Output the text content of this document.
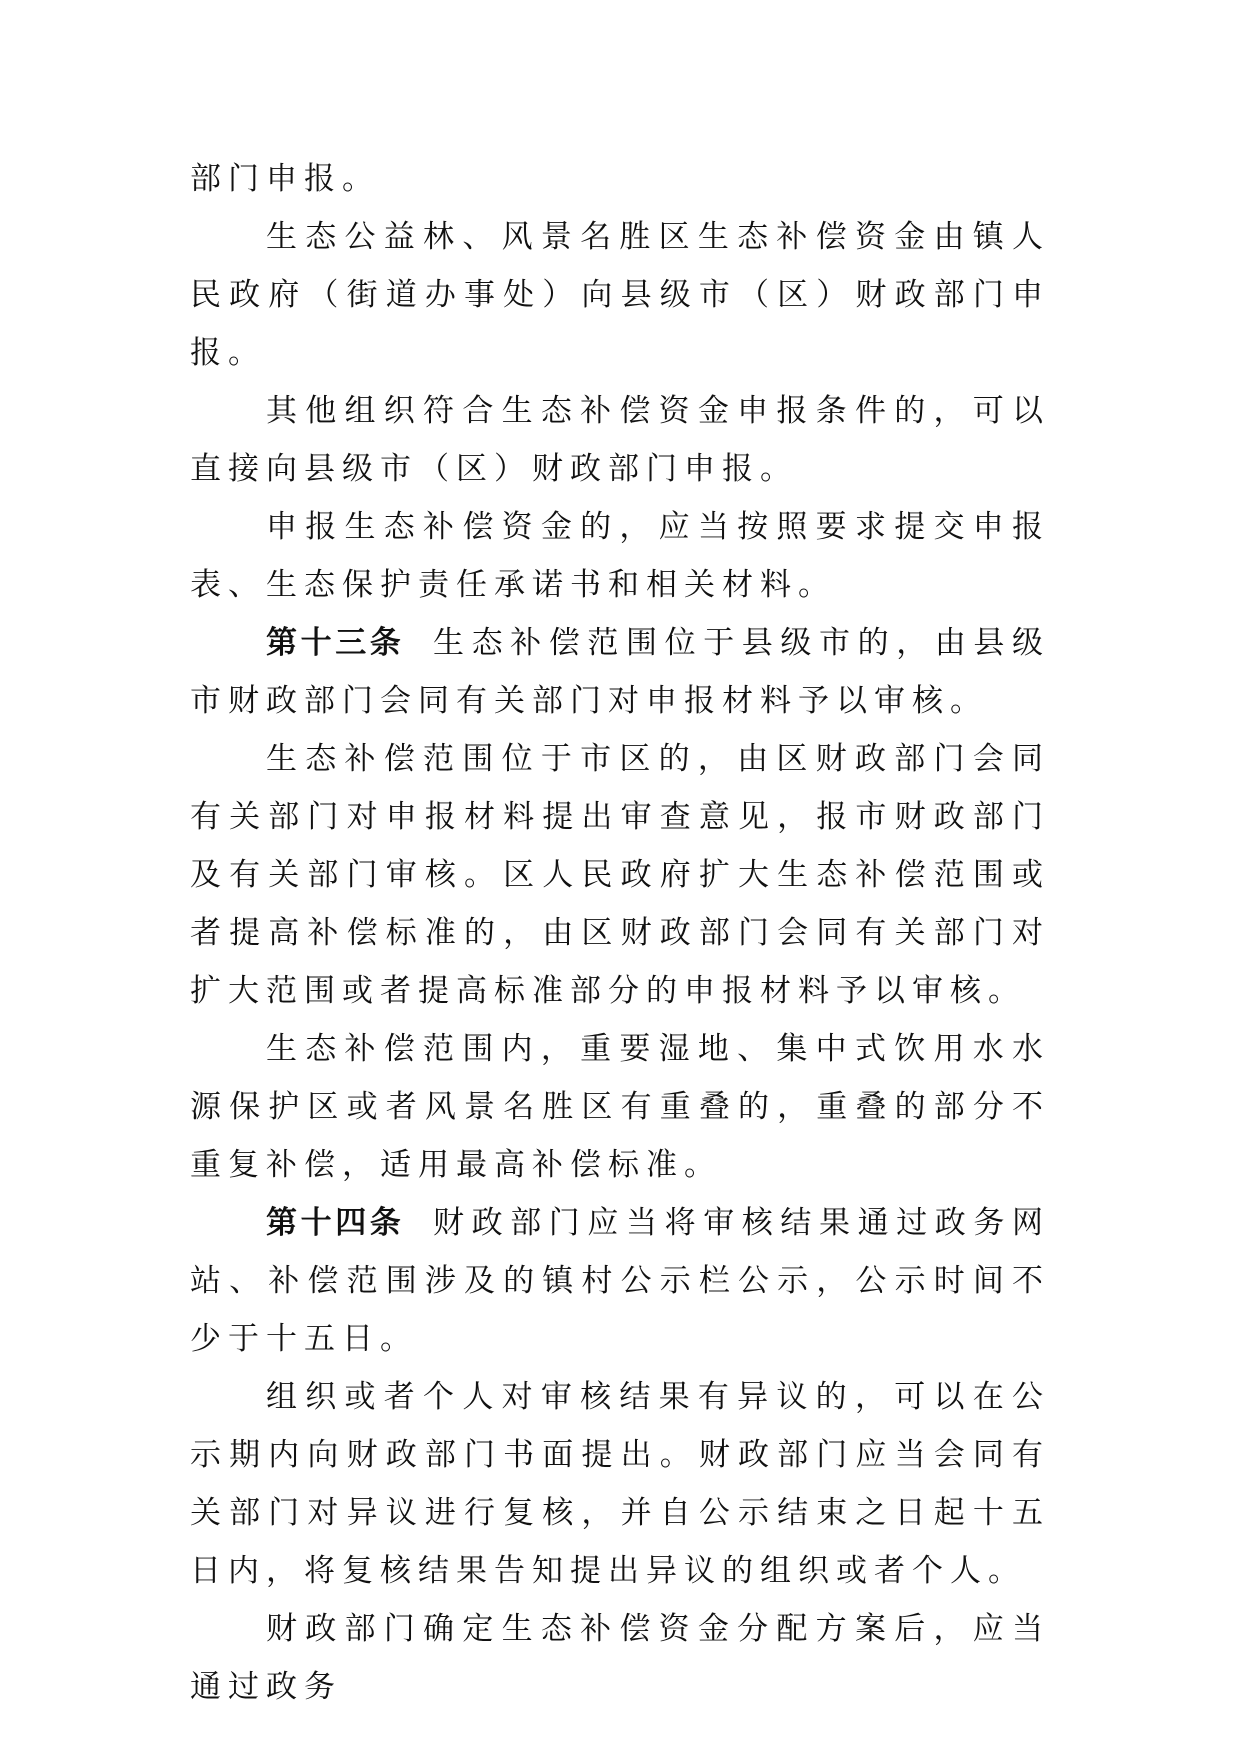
部门申报。

生态公益林、风景名胜区生态补偿资金由镇人民政府（街道办事处）向县级市（区）财政部门申报。

其他组织符合生态补偿资金申报条件的，可以直接向县级市（区）财政部门申报。

申报生态补偿资金的，应当按照要求提交申报表、生态保护责任承诺书和相关材料。

第十三条 生态补偿范围位于县级市的，由县级市财政部门会同有关部门对申报材料予以审核。

生态补偿范围位于市区的，由区财政部门会同有关部门对申报材料提出审查意见，报市财政部门及有关部门审核。区人民政府扩大生态补偿范围或者提高补偿标准的，由区财政部门会同有关部门对扩大范围或者提高标准部分的申报材料予以审核。

生态补偿范围内，重要湿地、集中式饮用水水源保护区或者风景名胜区有重叠的，重叠的部分不重复补偿，适用最高补偿标准。

第十四条 财政部门应当将审核结果通过政务网站、补偿范围涉及的镇村公示栏公示，公示时间不少于十五日。

组织或者个人对审核结果有异议的，可以在公示期内向财政部门书面提出。财政部门应当会同有关部门对异议进行复核，并自公示结束之日起十五日内，将复核结果告知提出异议的组织或者个人。

财政部门确定生态补偿资金分配方案后，应当通过政务
